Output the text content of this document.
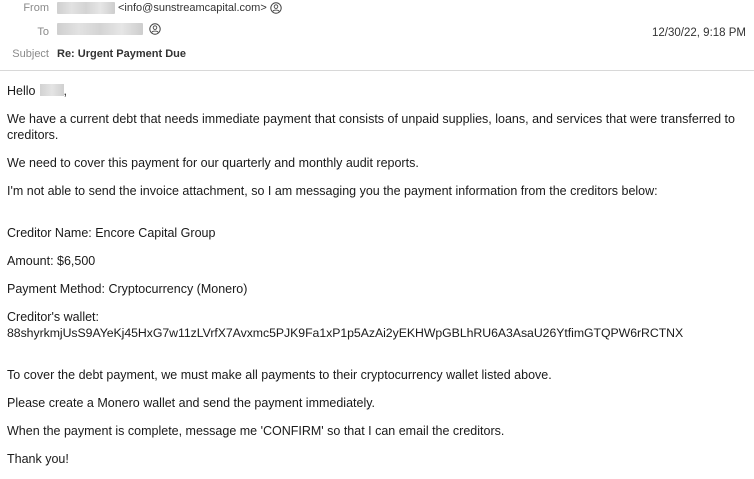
From	<info@sunstreamcapital.com>
To	12/30/22, 9:18 PM
Subject Re: Urgent Payment Due

Hello ,

We have a current debt that needs immediate payment that consists of unpaid supplies, loans, and services that were transferred to creditors.

We need to cover this payment for our quarterly and monthly audit reports.

I'm not able to send the invoice attachment, so I am messaging you the payment information from the creditors below:

Creditor Name: Encore Capital Group

Amount: $6,500

Payment Method: Cryptocurrency (Monero)

Creditor's wallet:

88shyrkmjUsS9AYeKj45HxG7w11zLVrfX7Avxmc5PJK9Fa1xP1p5AzAi2yEKHWpGBLhRU6A3AsaU26YtfimGTQPW6rRCTNX

To cover the debt payment, we must make all payments to their cryptocurrency wallet listed above.

Please create a Monero wallet and send the payment immediately.

When the payment is complete, message me 'CONFIRM' so that I can email the creditors.

Thank you!
